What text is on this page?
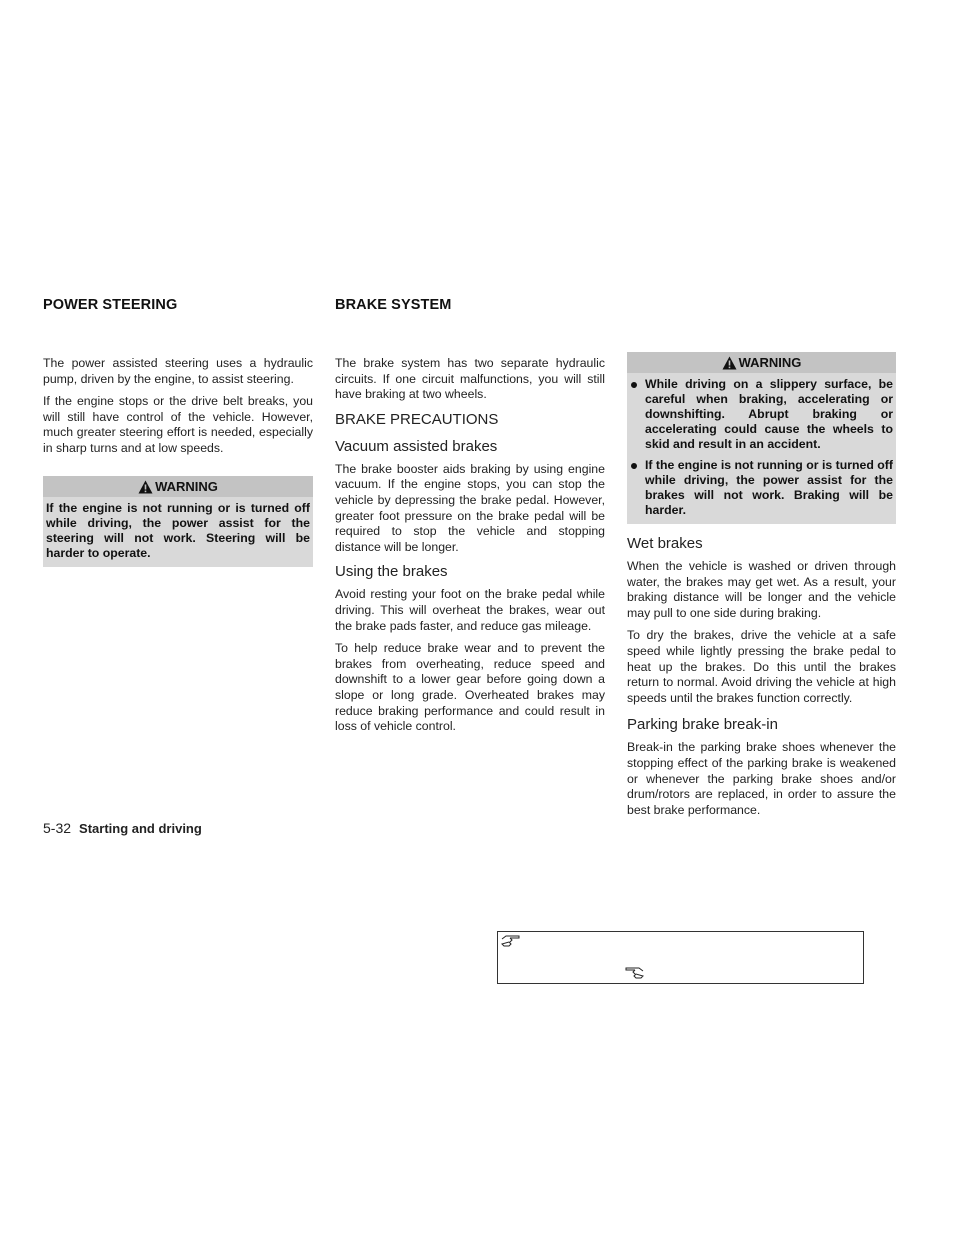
POWER STEERING

The power assisted steering uses a hydraulic pump, driven by the engine, to assist steering.

If the engine stops or the drive belt breaks, you will still have control of the vehicle. However, much greater steering effort is needed, especially in sharp turns and at low speeds.

WARNING
If the engine is not running or is turned off while driving, the power assist for the steering will not work. Steering will be harder to operate.
BRAKE SYSTEM

The brake system has two separate hydraulic circuits. If one circuit malfunctions, you will still have braking at two wheels.

BRAKE PRECAUTIONS
Vacuum assisted brakes

The brake booster aids braking by using engine vacuum. If the engine stops, you can stop the vehicle by depressing the brake pedal. However, greater foot pressure on the brake pedal will be required to stop the vehicle and stopping distance will be longer.

Using the brakes

Avoid resting your foot on the brake pedal while driving. This will overheat the brakes, wear out the brake pads faster, and reduce gas mileage.

To help reduce brake wear and to prevent the brakes from overheating, reduce speed and downshift to a lower gear before going down a slope or long grade. Overheated brakes may reduce braking performance and could result in loss of vehicle control.

WARNING
While driving on a slippery surface, be careful when braking, accelerating or downshifting. Abrupt braking or accelerating could cause the wheels to skid and result in an accident.
If the engine is not running or is turned off while driving, the power assist for the brakes will not work. Braking will be harder.
Wet brakes

When the vehicle is washed or driven through water, the brakes may get wet. As a result, your braking distance will be longer and the vehicle may pull to one side during braking.

To dry the brakes, drive the vehicle at a safe speed while lightly pressing the brake pedal to heat up the brakes. Do this until the brakes return to normal. Avoid driving the vehicle at high speeds until the brakes function correctly.

Parking brake break-in

Break-in the parking brake shoes whenever the stopping effect of the parking brake is weakened or whenever the parking brake shoes and/or drum/rotors are replaced, in order to assure the best brake performance.

5-32 Starting and driving
